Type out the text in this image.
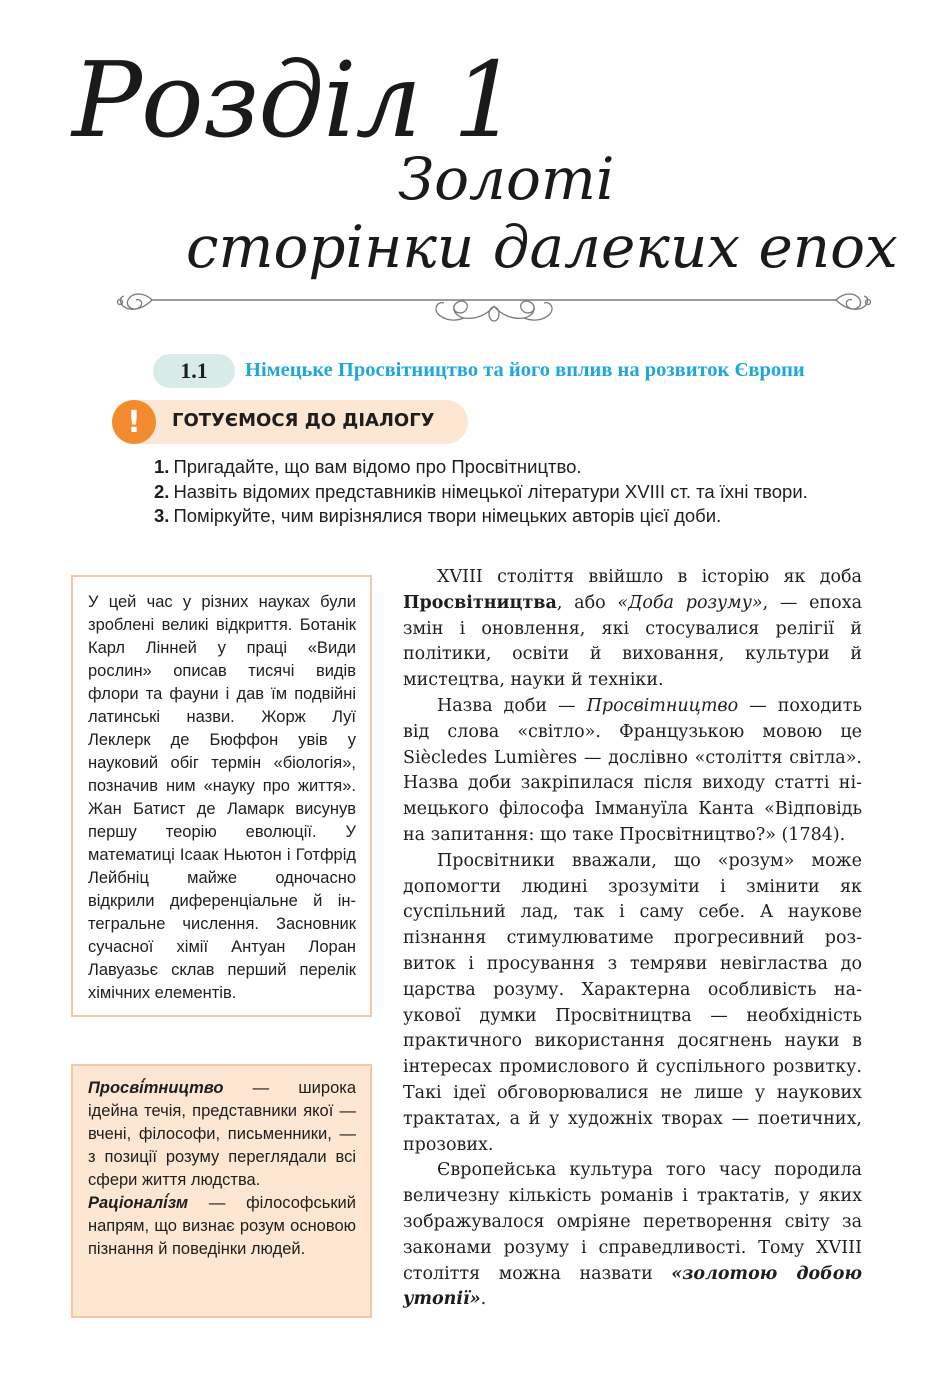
Розділ 1
Золоті
сторінки далеких епох
1.1	Німецьке Просвітництво та його вплив на розвиток Європи
!	ГОТУЄМОСЯ ДО ДІАЛОГУ

1. Пригадайте, що вам відомо про Просвітництво.

2. Назвіть відомих представників німецької літератури XVIII ст. та їхні твори.

3. Поміркуйте, чим вирізнялися твори німецьких авторів цієї доби.

У цей час у різних науках були зроблені великі відкриття. Ботанік Карл Лінней у праці «Види рослин» описав тисячі видів флори та фауни і дав їм подвійні латинські назви. Жорж Луї Леклерк де Бюффон увів у науковий обіг термін «біологія», позначив ним «науку про життя». Жан Батист де Ламарк висунув першу теорію еволюції. У математиці Ісаак Ньютон і Готфрід Лейбніц майже одночасно відкрили диференціальне й інтегральне числення. Засновник сучасної хімії Антуан Лоран Лавуазьє склав перший перелік хімічних елементів.

Просві́тництво — широка ідейна течія, представники якої — вчені, філософи, письменники, — з позиції розуму переглядали всі сфери життя людства.

Раціоналі́зм — філософський напрям, що визнає розум основою пізнання й поведінки людей.

XVIII століття ввійшло в історію як доба Просвітництва, або «Доба розуму», — епоха змін і оновлення, які стосувалися релігії й політики, освіти й виховання, культури й мистецтва, науки й техніки.

Назва доби — Просвітництво — походить від слова «світло». Французькою мовою це Siècledes Lumières — дослівно «століття світла». Назва доби закріпилася після виходу статті німецького філософа Іммануїла Канта «Відповідь на запитання: що таке Просвітництво?» (1784).

Просвітники вважали, що «розум» може допомогти людині зрозуміти і змінити як суспільний лад, так і саму себе. А наукове пізнання стимулюватиме прогресивний розвиток і просування з темряви невігластва до царства розуму. Характерна особливість наукової думки Просвітництва — необхідність практичного використання досягнень науки в інтересах промислового й суспільного розвитку. Такі ідеї обговорювалися не лише у наукових трактатах, а й у художніх творах — поетичних, прозових.

Європейська культура того часу породила величезну кількість романів і трактатів, у яких зображувалося омріяне перетворення світу за законами розуму і справедливості. Тому XVIII століття можна назвати «золотою добою утопії».
